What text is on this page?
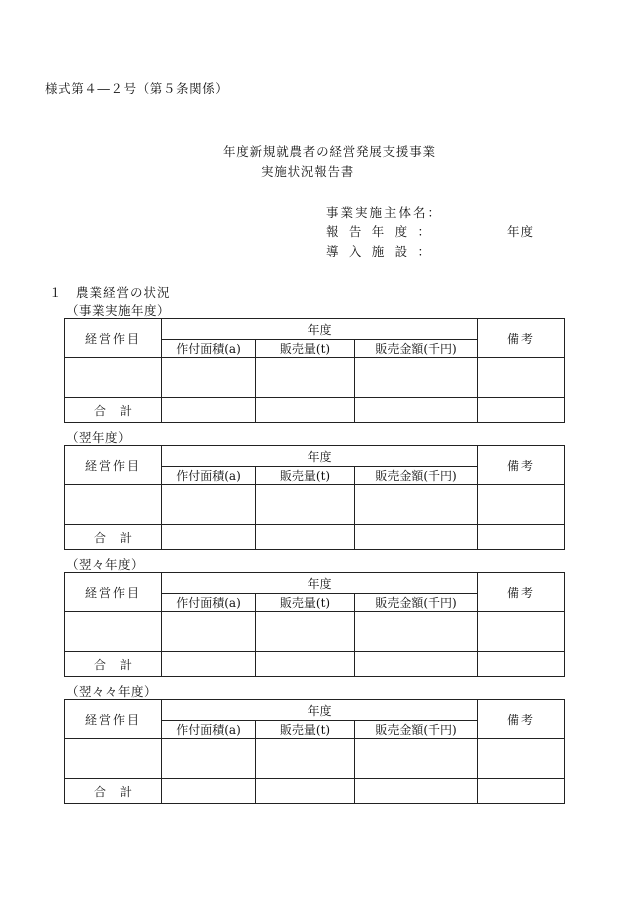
様式第４―２号（第５条関係）
年度新規就農者の経営発展支援事業
実施状況報告書
事業実施主体名：
報 告 年 度 ：	年度
導 入 施 設 ：
１　農業経営の状況
（事業実施年度）
経営作目	年度			備考
	作付面積(a)	販売量(t)	販売金額(千円)	

合計				
（翌年度）
経営作目	年度			備考
	作付面積(a)	販売量(t)	販売金額(千円)	

合計				
（翌々年度）
経営作目	年度			備考
	作付面積(a)	販売量(t)	販売金額(千円)	

合計				
（翌々々年度）
経営作目	年度			備考
	作付面積(a)	販売量(t)	販売金額(千円)	

合計				
